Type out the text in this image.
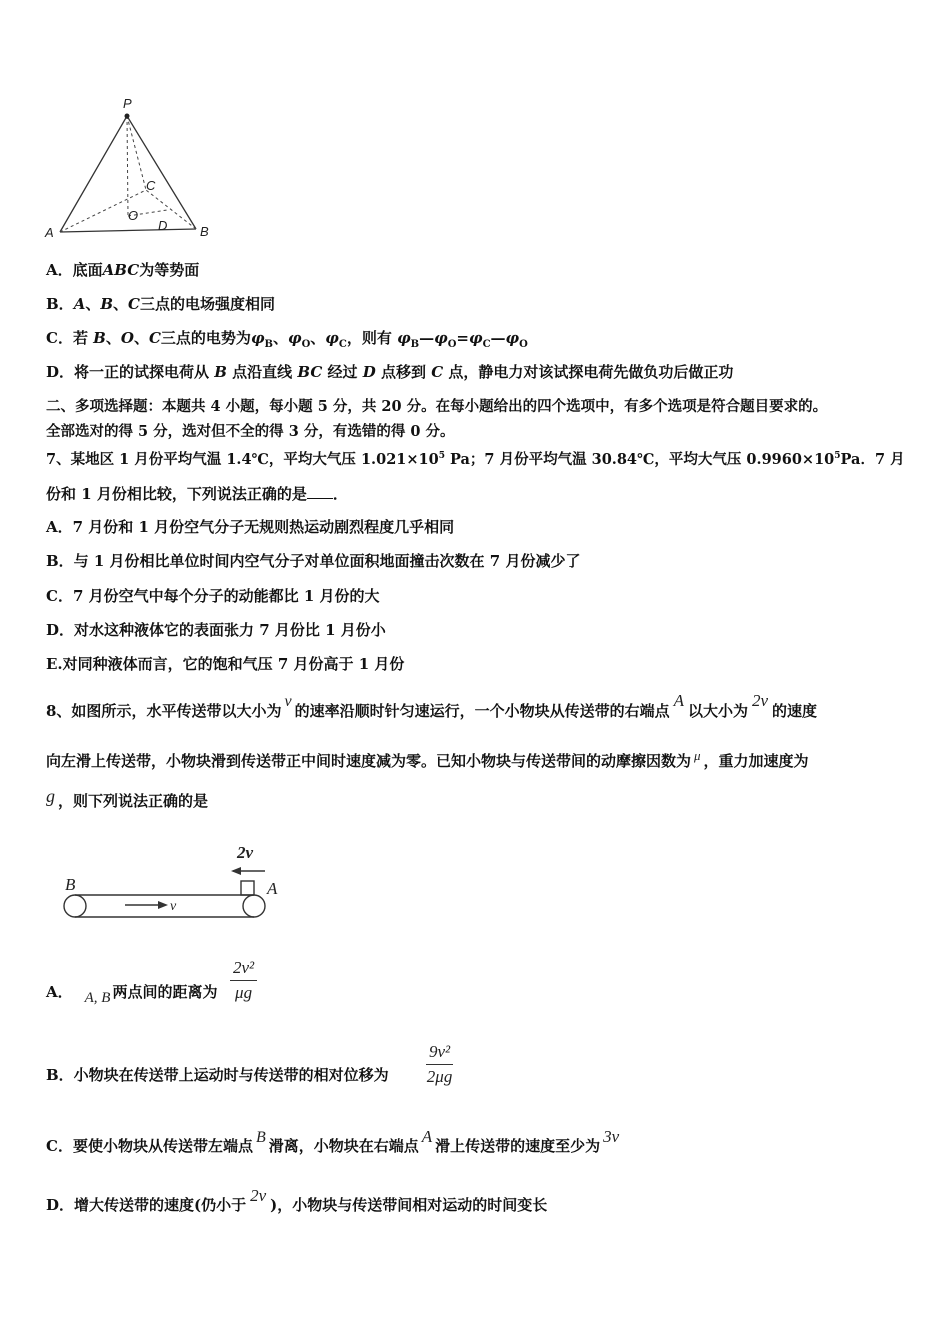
P
A	B
C
O
D
A．底面ABC为等势面
B．A、B、C三点的电场强度相同
C．若 B、O、C三点的电势为$\varphi_B$、$\varphi_O$、$\varphi_C$，则有 $\varphi_B—\varphi_O=\varphi_C—\varphi_O$
D．将一正的试探电荷从 B 点沿直线 BC 经过 D 点移到 C 点，静电力对该试探电荷先做负功后做正功
二、多项选择题：本题共 4 小题，每小题 5 分，共 20 分。在每小题给出的四个选项中，有多个选项是符合题目要求的。
全部选对的得 5 分，选对但不全的得 3 分，有选错的得 0 分。
7、某地区 1 月份平均气温 1.4℃，平均大气压 $1.021\times 10^5$ Pa；7 月份平均气温 30.84℃，平均大气压 $0.9960\times 10^5Pa$．7 月
份和 1 月份相比较，下列说法正确的是 ．
A．7 月份和 1 月份空气分子无规则热运动剧烈程度几乎相同
B．与 1 月份相比单位时间内空气分子对单位面积地面撞击次数在 7 月份减少了
C．7 月份空气中每个分子的动能都比 1 月份的大
D．对水这种液体它的表面张力 7 月份比 1 月份小
E.对同种液体而言，它的饱和气压 7 月份高于 1 月份
8、如图所示，水平传送带以大小为v的速率沿顺时针匀速运行，一个小物块从传送带的右端点A以大小为2v的速度
向左滑上传送带，小物块滑到传送带正中间时速度减为零。已知小物块与传送带间的动摩擦因数为 μ ，重力加速度为
g ，则下列说法正确的是
2v
B	A
v
A． A, B 两点间的距离为 $\frac{\text{2v²}}{\mu g}$
B．小物块在传送带上运动时与传送带的相对位移为 $\frac{\text{9v²}}{2\mu g}$
C．要使小物块从传送带左端点 B 滑离，小物块在右端点 A 滑上传送带的速度至少为 3v
D．增大传送带的速度(仍小于 2v )，小物块与传送带间相对运动的时间变长
